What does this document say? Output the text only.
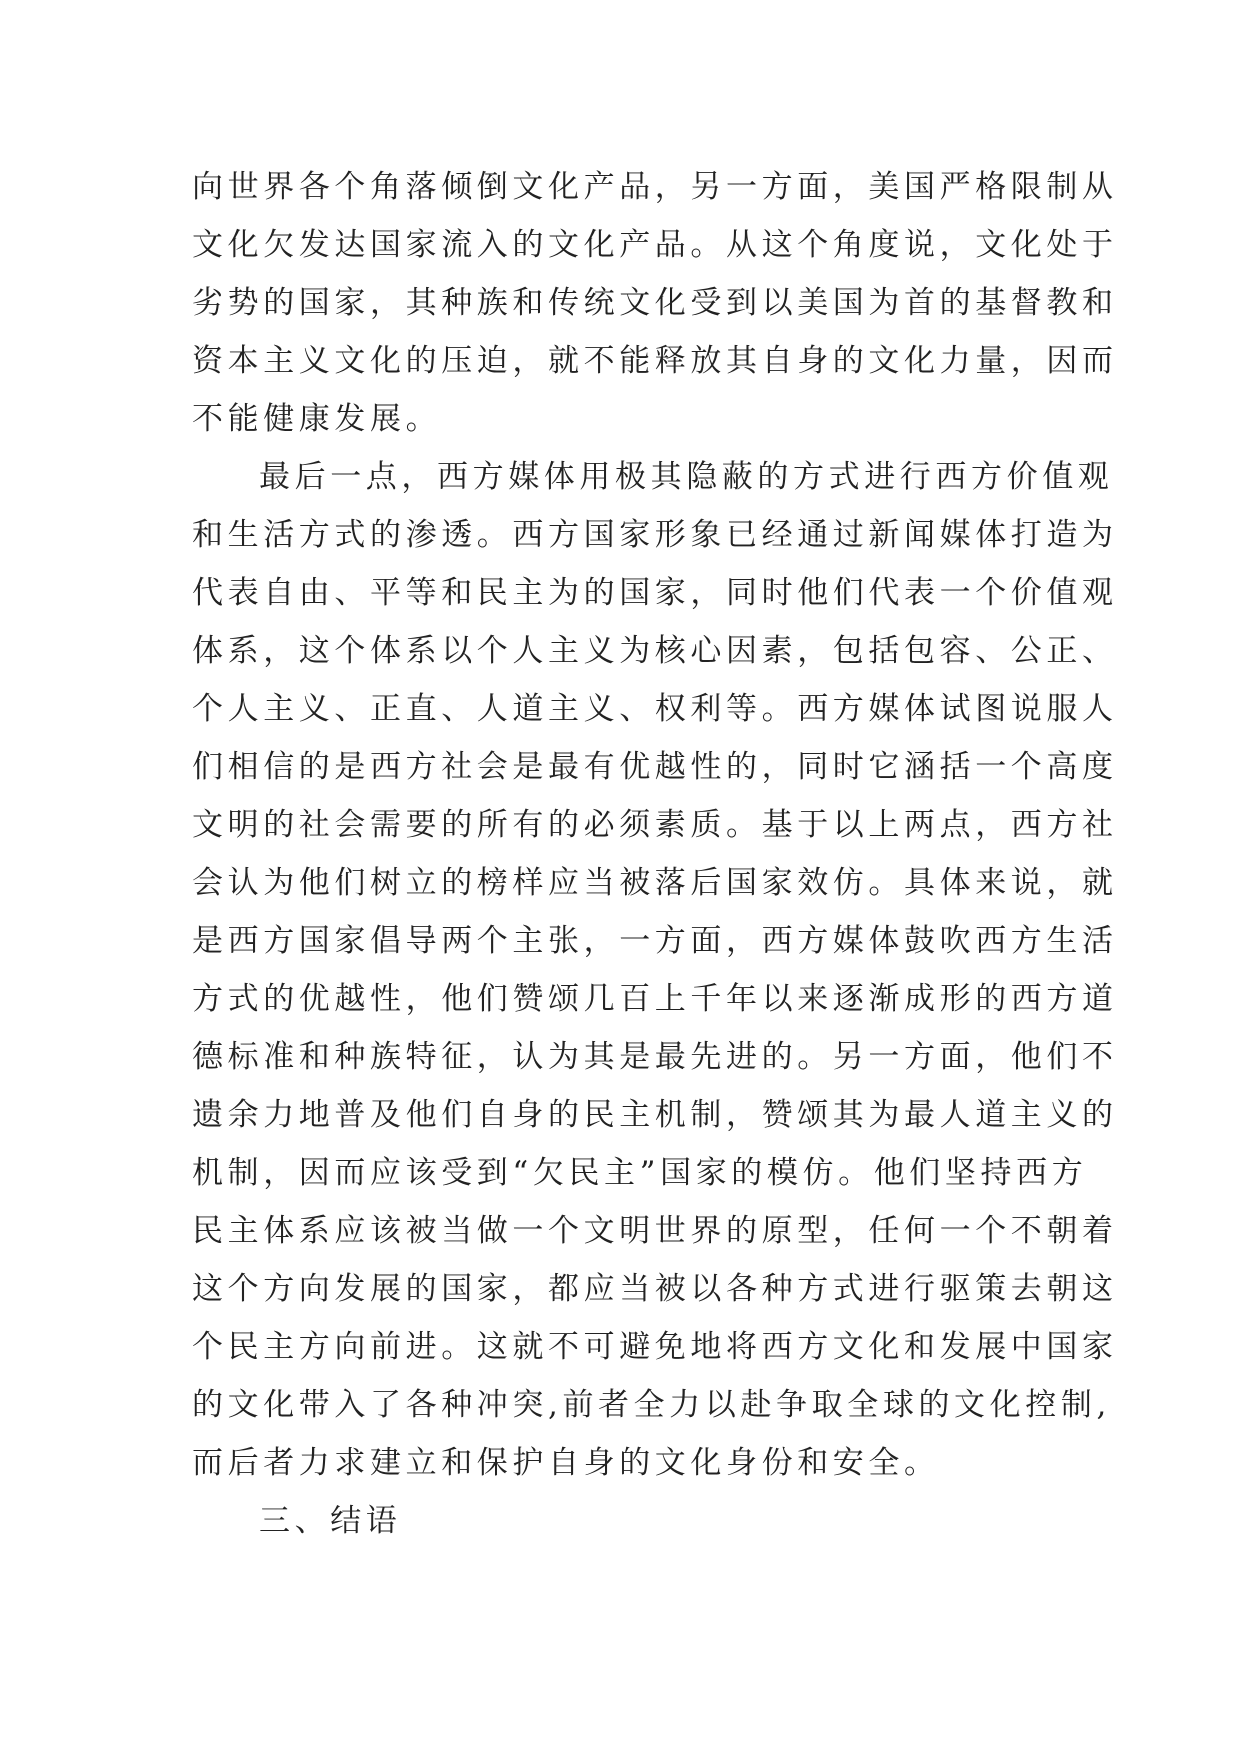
向世界各个角落倾倒文化产品，另一方面，美国严格限制从
文化欠发达国家流入的文化产品。从这个角度说，文化处于
劣势的国家，其种族和传统文化受到以美国为首的基督教和
资本主义文化的压迫，就不能释放其自身的文化力量，因而
不能健康发展。
最后一点，西方媒体用极其隐蔽的方式进行西方价值观
和生活方式的渗透。西方国家形象已经通过新闻媒体打造为
代表自由、平等和民主为的国家，同时他们代表一个价值观
体系，这个体系以个人主义为核心因素，包括包容、公正、
个人主义、正直、人道主义、权利等。西方媒体试图说服人
们相信的是西方社会是最有优越性的，同时它涵括一个高度
文明的社会需要的所有的必须素质。基于以上两点，西方社
会认为他们树立的榜样应当被落后国家效仿。具体来说，就
是西方国家倡导两个主张，一方面，西方媒体鼓吹西方生活
方式的优越性，他们赞颂几百上千年以来逐渐成形的西方道
德标准和种族特征，认为其是最先进的。另一方面，他们不
遗余力地普及他们自身的民主机制，赞颂其为最人道主义的
机制，因而应该受到“欠民主”国家的模仿。他们坚持西方
民主体系应该被当做一个文明世界的原型，任何一个不朝着
这个方向发展的国家，都应当被以各种方式进行驱策去朝这
个民主方向前进。这就不可避免地将西方文化和发展中国家
的文化带入了各种冲突,前者全力以赴争取全球的文化控制,
而后者力求建立和保护自身的文化身份和安全。
三、结语
